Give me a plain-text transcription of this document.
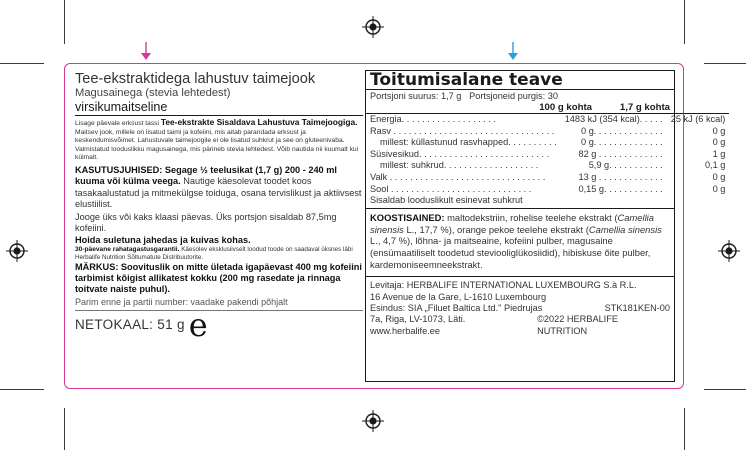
Tee-ekstraktidega lahustuv taimejook
Magusainega (stevia lehtedest)
virsikumaitseline
Lisage päevale erksust tassi Tee-ekstrakte Sisaldava Lahustuva Taimejoogiga. Maitsev jook, millele on lisatud taimi ja kofeiini, mis aitab parandada erksust ja keskendumisvõimet. Lahustuvale taimejoogile ei ole lisatud suhkrut ja see on gluteenivaba. Valmistatud looduslikku magusainega, mis pärineb stevia lehtedest. Võib nautida nii kuumalt kui külmalt.
KASUTUSJUHISED: Segage ½ teelusikat (1,7 g) 200 - 240 ml kuuma või külma veega. Nautige käesolevat toodet koos tasakaalustatud ja mitmekülgse toiduga, osana tervislikust ja aktiivsest elustiilist.
Jooge üks või kaks klaasi päevas. Üks portsjon sisaldab 87,5mg kofeiini.
Hoida suletuna jahedas ja kuivas kohas.
30-päevane rahatagastusgarantii. Käesolev eksklusiivselt loodud toode on saadaval üksnes läbi Herbalife Nutrition Sõltumatute Distribuutorite.
MÄRKUS: Soovituslik on mitte ületada igapäevast 400 mg kofeiini tarbimist kõigist allikatest kokku (200 mg rasedate ja rinnaga toitvate naiste puhul).
Parim enne ja partii number: vaadake pakendi põhjalt
NETOKAAL: 51 g e
Toitumisalane teave
Portsjoni suurus: 1,7 g Portsjoneid purgis: 30
100 g kohta	1,7 g kohta
Energia. . . . . . . . . . . . . . . . . . .	1483 kJ (354 kcal). . . . .	25 kJ (6 kcal)
Rasv . . . . . . . . . . . . . . . . . . . . . . . . . . . . . . . .	0 g. . . . . . . . . . . . . .	0 g
millest: küllastunud rasvhapped. . . . . . . . . .	0 g. . . . . . . . . . . . . .	0 g
Süsivesikud. . . . . . . . . . . . . . . . . . . . . . . . . .	82 g . . . . . . . . . . . . .	1 g
millest: suhkrud. . . . . . . . . . . . . . . . . . .	5,9 g. . . . . . . . . . .	0,1 g
Valk . . . . . . . . . . . . . . . . . . . . . . . . . . . . . . .	13 g . . . . . . . . . . . . .	0 g
Sool . . . . . . . . . . . . . . . . . . . . . . . . . . . .	0,15 g. . . . . . . . . . . .	0 g
Sisaldab looduslikult esinevat suhkrut
KOOSTISAINED: maltodekstriin, rohelise teelehe ekstrakt (Camellia sinensis L., 17,7 %), orange pekoe teelehe ekstrakt (Camellia sinensis L., 4,7 %), lõhna- ja maitseaine, kofeiini pulber, magusaine (ensümaatiliselt toodetud steviooliglükosiidid), hibiskuse õite pulber, kardemoniseemneekstrakt.
Levitaja: HERBALIFE INTERNATIONAL LUXEMBOURG S.à R.L.
16 Avenue de la Gare, L-1610 Luxembourg
Esindus: SIA „Filuet Baltica Ltd." Piedrujas	STK181KEN-00
7a, Riga, LV-1073, Läti. www.herbalife.ee
©2022 HERBALIFE NUTRITION
